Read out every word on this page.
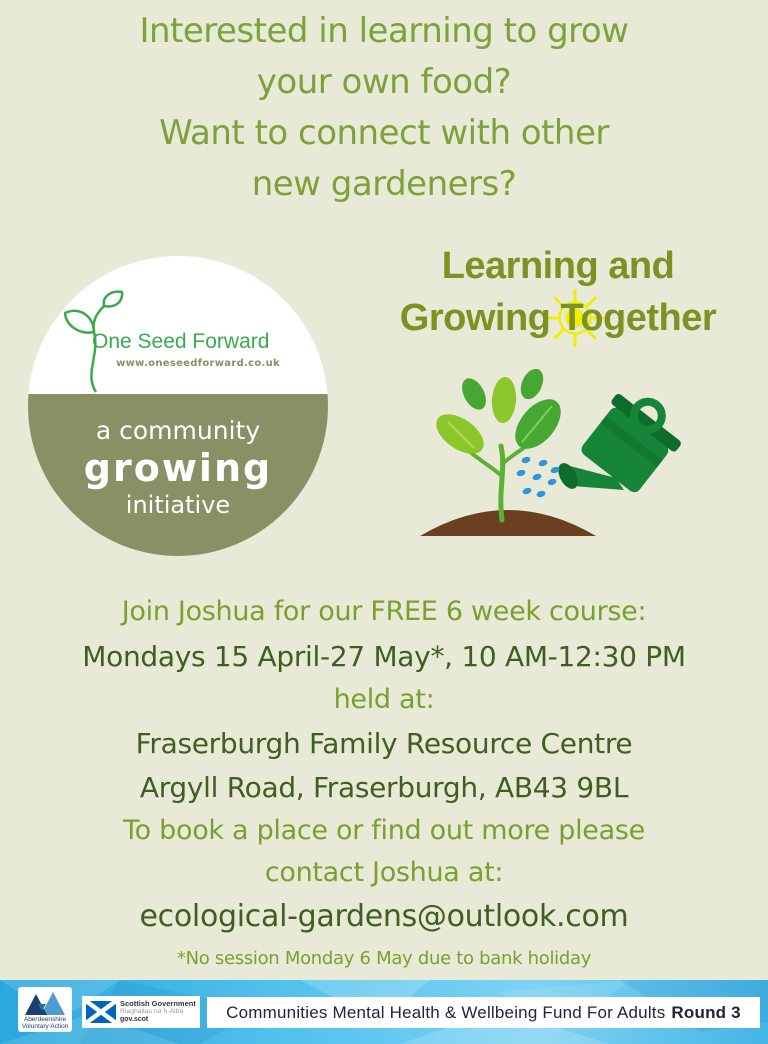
Interested in learning to grow
your own food?
Want to connect with other
new gardeners?
Learning and
Growing Together
One Seed Forward
www.oneseedforward.co.uk
a community
growing
initiative
Join Joshua for our FREE 6 week course:
Mondays 15 April-27 May*, 10 AM-12:30 PM
held at:
Fraserburgh Family Resource Centre
Argyll Road, Fraserburgh, AB43 9BL
To book a place or find out more please
contact Joshua at:
ecological-gardens@outlook.com
*No session Monday 6 May due to bank holiday
Aberdeenshire
Voluntary Action
Scottish Government
Riaghaltas na h-Alba
gov.scot	Communities Mental Health & Wellbeing Fund For Adults Round 3
